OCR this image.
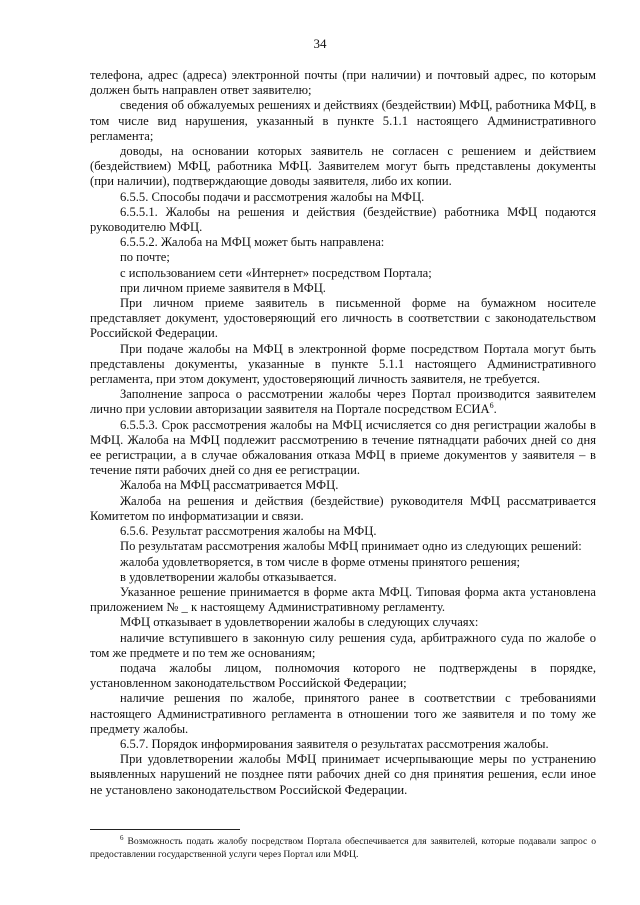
34

телефона, адрес (адреса) электронной почты (при наличии) и почтовый адрес, по которым должен быть направлен ответ заявителю;

сведения об обжалуемых решениях и действиях (бездействии) МФЦ, работника МФЦ, в том числе вид нарушения, указанный в пункте 5.1.1 настоящего Административного регламента;

доводы, на основании которых заявитель не согласен с решением и действием (бездействием) МФЦ, работника МФЦ. Заявителем могут быть представлены документы (при наличии), подтверждающие доводы заявителя, либо их копии.

6.5.5. Способы подачи и рассмотрения жалобы на МФЦ.

6.5.5.1. Жалобы на решения и действия (бездействие) работника МФЦ подаются руководителю МФЦ.

6.5.5.2. Жалоба на МФЦ может быть направлена:

по почте;

с использованием сети «Интернет» посредством Портала;

при личном приеме заявителя в МФЦ.

При личном приеме заявитель в письменной форме на бумажном носителе представляет документ, удостоверяющий его личность в соответствии с законодательством Российской Федерации.

При подаче жалобы на МФЦ в электронной форме посредством Портала могут быть представлены документы, указанные в пункте 5.1.1 настоящего Административного регламента, при этом документ, удостоверяющий личность заявителя, не требуется.

Заполнение запроса о рассмотрении жалобы через Портал производится заявителем лично при условии авторизации заявителя на Портале посредством ЕСИА$^6$.

6.5.5.3. Срок рассмотрения жалобы на МФЦ исчисляется со дня регистрации жалобы в МФЦ. Жалоба на МФЦ подлежит рассмотрению в течение пятнадцати рабочих дней со дня ее регистрации, а в случае обжалования отказа МФЦ в приеме документов у заявителя – в течение пяти рабочих дней со дня ее регистрации.

Жалоба на МФЦ рассматривается МФЦ.

Жалоба на решения и действия (бездействие) руководителя МФЦ рассматривается Комитетом по информатизации и связи.

6.5.6. Результат рассмотрения жалобы на МФЦ.

По результатам рассмотрения жалобы МФЦ принимает одно из следующих решений:

жалоба удовлетворяется, в том числе в форме отмены принятого решения;

в удовлетворении жалобы отказывается.

Указанное решение принимается в форме акта МФЦ. Типовая форма акта установлена приложением № _ к настоящему Административному регламенту.

МФЦ отказывает в удовлетворении жалобы в следующих случаях:

наличие вступившего в законную силу решения суда, арбитражного суда по жалобе о том же предмете и по тем же основаниям;

подача жалобы лицом, полномочия которого не подтверждены в порядке, установленном законодательством Российской Федерации;

наличие решения по жалобе, принятого ранее в соответствии с требованиями настоящего Административного регламента в отношении того же заявителя и по тому же предмету жалобы.

6.5.7. Порядок информирования заявителя о результатах рассмотрения жалобы.

При удовлетворении жалобы МФЦ принимает исчерпывающие меры по устранению выявленных нарушений не позднее пяти рабочих дней со дня принятия решения, если иное не установлено законодательством Российской Федерации.

$^6$ Возможность подать жалобу посредством Портала обеспечивается для заявителей, которые подавали запрос о предоставлении государственной услуги через Портал или МФЦ.
